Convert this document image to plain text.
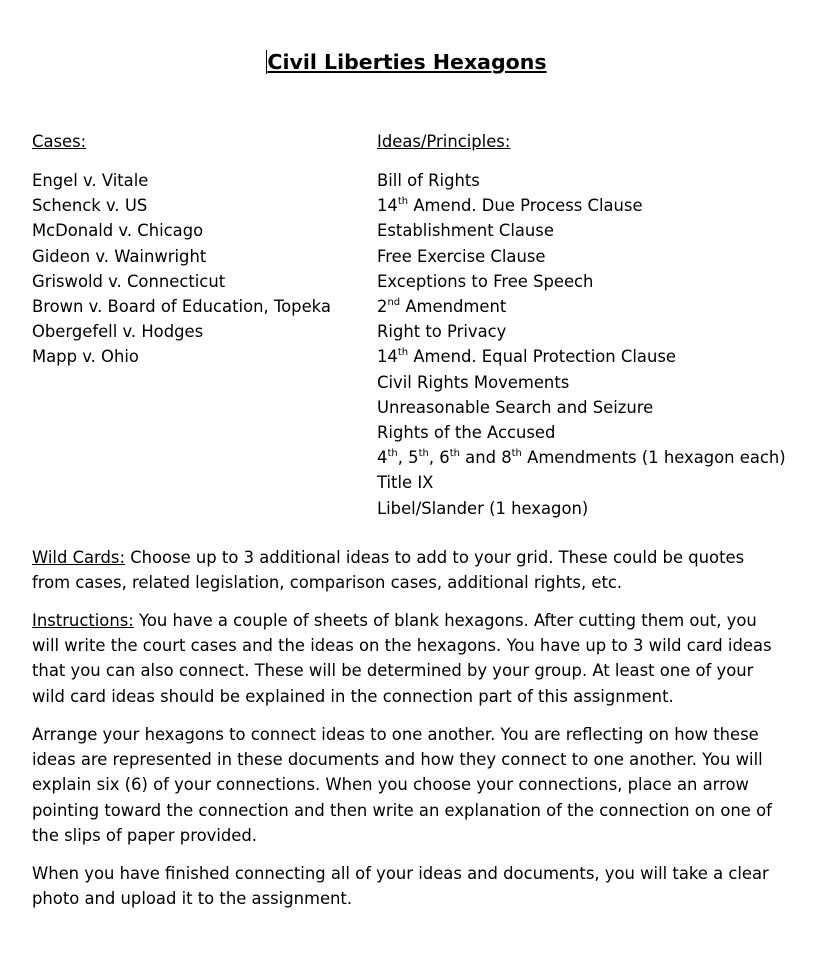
Civil Liberties Hexagons
Cases:
Engel v. Vitale
Schenck v. US
McDonald v. Chicago
Gideon v. Wainwright
Griswold v. Connecticut
Brown v. Board of Education, Topeka
Obergefell v. Hodges
Mapp v. Ohio
Ideas/Principles:
Bill of Rights
14th Amend. Due Process Clause
Establishment Clause
Free Exercise Clause
Exceptions to Free Speech
2nd Amendment
Right to Privacy
14th Amend. Equal Protection Clause
Civil Rights Movements
Unreasonable Search and Seizure
Rights of the Accused
4th, 5th, 6th and 8th Amendments (1 hexagon each)
Title IX
Libel/Slander (1 hexagon)
Wild Cards: Choose up to 3 additional ideas to add to your grid. These could be quotes from cases, related legislation, comparison cases, additional rights, etc.
Instructions: You have a couple of sheets of blank hexagons. After cutting them out, you will write the court cases and the ideas on the hexagons. You have up to 3 wild card ideas that you can also connect. These will be determined by your group. At least one of your wild card ideas should be explained in the connection part of this assignment.
Arrange your hexagons to connect ideas to one another. You are reflecting on how these ideas are represented in these documents and how they connect to one another. You will explain six (6) of your connections. When you choose your connections, place an arrow pointing toward the connection and then write an explanation of the connection on one of the slips of paper provided.
When you have finished connecting all of your ideas and documents, you will take a clear photo and upload it to the assignment.
